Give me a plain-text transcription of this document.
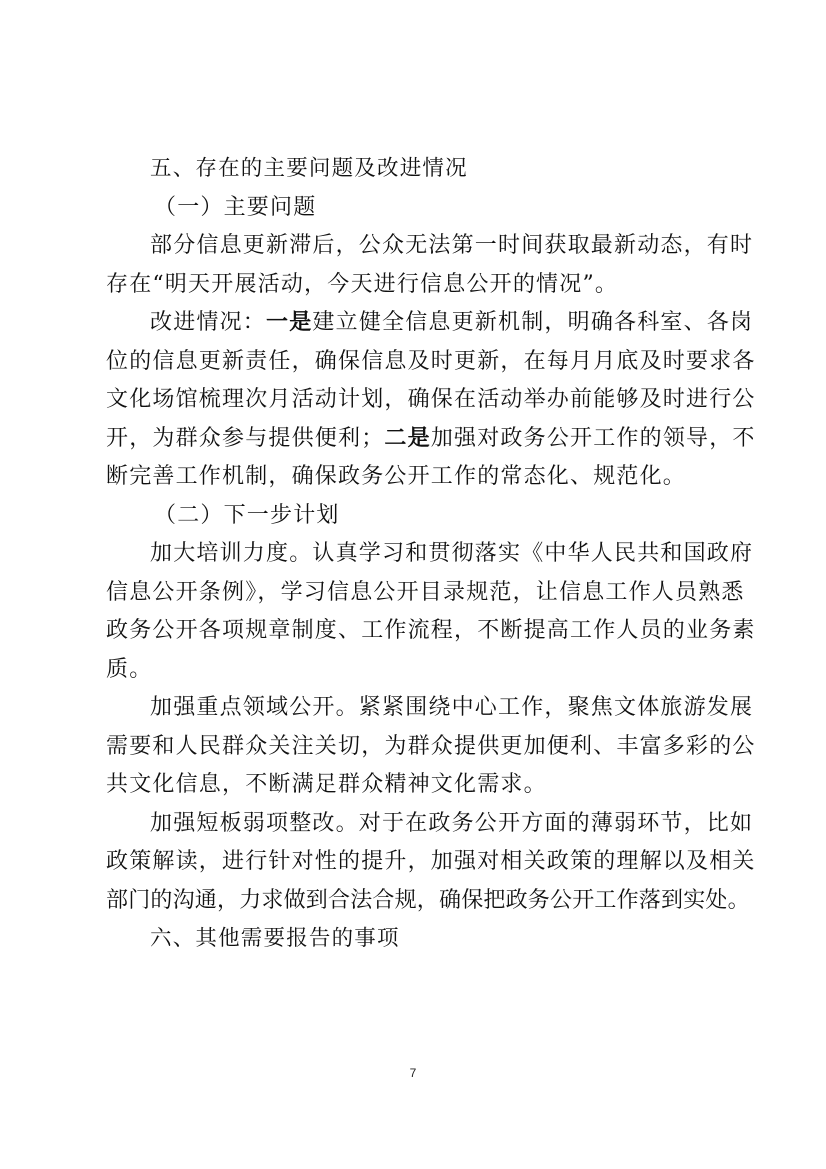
五、存在的主要问题及改进情况
（一）主要问题
部分信息更新滞后，公众无法第一时间获取最新动态，有时
存在“明天开展活动，今天进行信息公开的情况”。
改进情况：一是建立健全信息更新机制，明确各科室、各岗
位的信息更新责任，确保信息及时更新，在每月月底及时要求各
文化场馆梳理次月活动计划，确保在活动举办前能够及时进行公
开，为群众参与提供便利；二是加强对政务公开工作的领导，不
断完善工作机制，确保政务公开工作的常态化、规范化。
（二）下一步计划
加大培训力度。认真学习和贯彻落实《中华人民共和国政府
信息公开条例》，学习信息公开目录规范，让信息工作人员熟悉
政务公开各项规章制度、工作流程，不断提高工作人员的业务素
质。
加强重点领域公开。紧紧围绕中心工作，聚焦文体旅游发展
需要和人民群众关注关切，为群众提供更加便利、丰富多彩的公
共文化信息，不断满足群众精神文化需求。
加强短板弱项整改。对于在政务公开方面的薄弱环节，比如
政策解读，进行针对性的提升，加强对相关政策的理解以及相关
部门的沟通，力求做到合法合规，确保把政务公开工作落到实处。
六、其他需要报告的事项
7
